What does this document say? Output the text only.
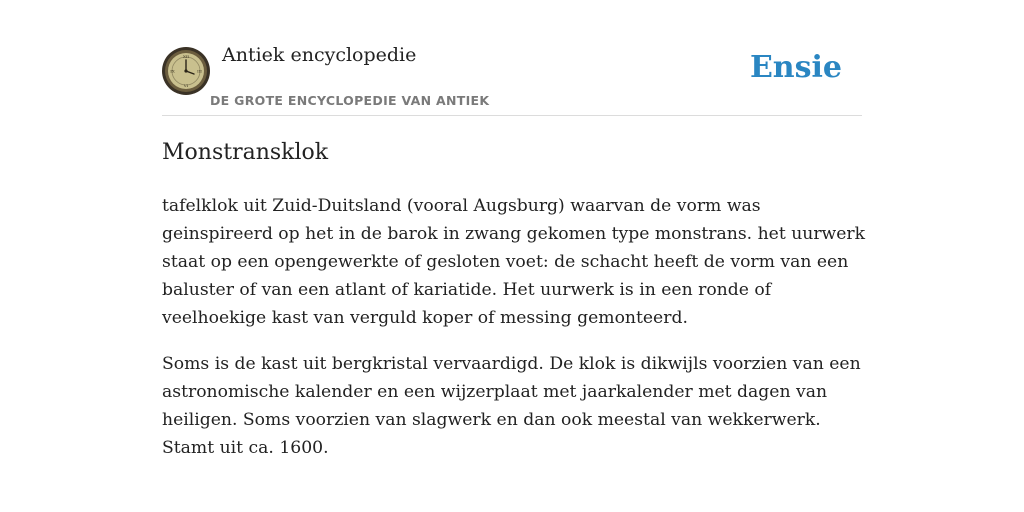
XII
III
VI
IX
Antiek encyclopedie
DE GROTE ENCYCLOPEDIE VAN ANTIEK
Ensie
Monstransklok

tafelklok uit Zuid-Duitsland (vooral Augsburg) waarvan de vorm was geinspireerd op het in de barok in zwang gekomen type monstrans. het uurwerk staat op een opengewerkte of gesloten voet: de schacht heeft de vorm van een baluster of van een atlant of kariatide. Het uurwerk is in een ronde of veelhoekige kast van verguld koper of messing gemonteerd.

Soms is de kast uit bergkristal vervaardigd. De klok is dikwijls voorzien van een astronomische kalender en een wijzerplaat met jaarkalender met dagen van heiligen. Soms voorzien van slagwerk en dan ook meestal van wekkerwerk. Stamt uit ca. 1600.
